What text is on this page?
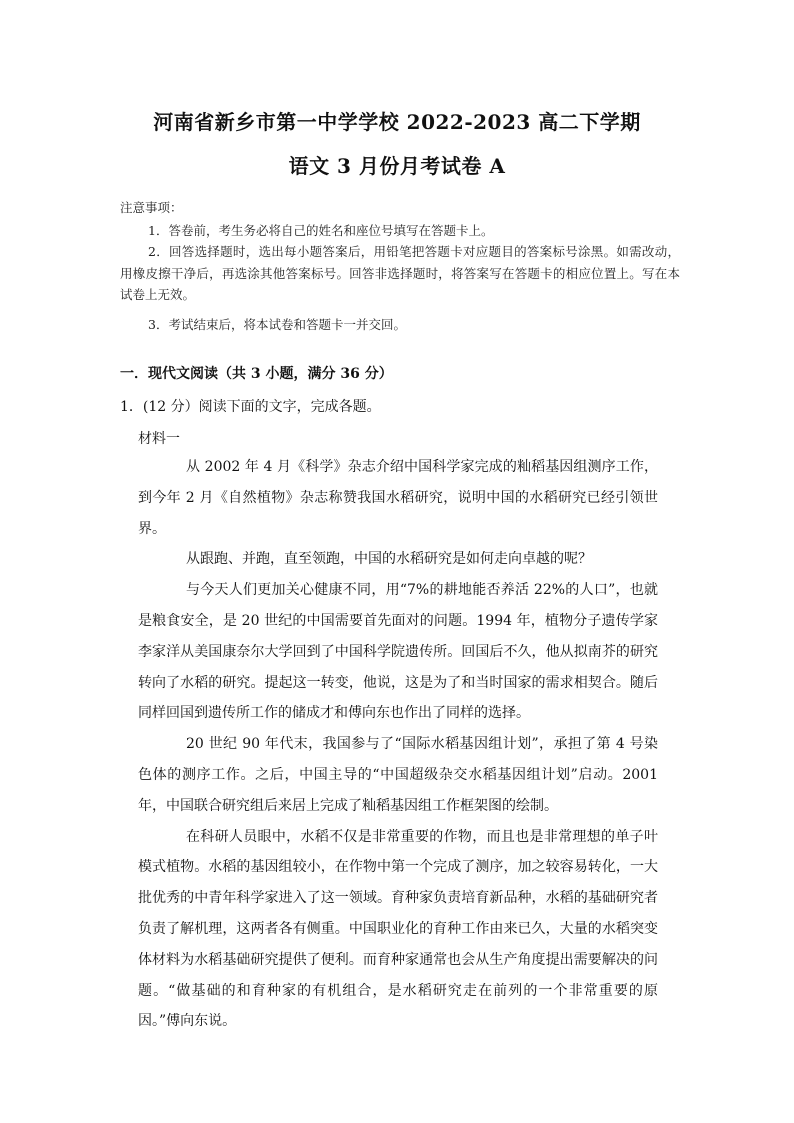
河南省新乡市第一中学学校 2022-2023 高二下学期
语文 3 月份月考试卷 A

注意事项：

1．答卷前，考生务必将自己的姓名和座位号填写在答题卡上。

2．回答选择题时，选出每小题答案后，用铅笔把答题卡对应题目的答案标号涂黑。如需改动，用橡皮擦干净后，再选涂其他答案标号。回答非选择题时，将答案写在答题卡的相应位置上。写在本试卷上无效。

3．考试结束后，将本试卷和答题卡一并交回。

一．现代文阅读（共 3 小题，满分 36 分）
1．(12 分）阅读下面的文字，完成各题。
材料一

从 2002 年 4 月《科学》杂志介绍中国科学家完成的籼稻基因组测序工作，到今年 2 月《自然植物》杂志称赞我国水稻研究，说明中国的水稻研究已经引领世界。

从跟跑、并跑，直至领跑，中国的水稻研究是如何走向卓越的呢？

与今天人们更加关心健康不同，用“7%的耕地能否养活 22%的人口”，也就是粮食安全，是 20 世纪的中国需要首先面对的问题。1994 年，植物分子遗传学家李家洋从美国康奈尔大学回到了中国科学院遗传所。回国后不久，他从拟南芥的研究转向了水稻的研究。提起这一转变，他说，这是为了和当时国家的需求相契合。随后同样回国到遗传所工作的储成才和傅向东也作出了同样的选择。

20 世纪 90 年代末，我国参与了“国际水稻基因组计划”，承担了第 4 号染色体的测序工作。之后，中国主导的“中国超级杂交水稻基因组计划”启动。2001 年，中国联合研究组后来居上完成了籼稻基因组工作框架图的绘制。

在科研人员眼中，水稻不仅是非常重要的作物，而且也是非常理想的单子叶模式植物。水稻的基因组较小，在作物中第一个完成了测序，加之较容易转化，一大批优秀的中青年科学家进入了这一领域。育种家负责培育新品种，水稻的基础研究者负责了解机理，这两者各有侧重。中国职业化的育种工作由来已久，大量的水稻突变体材料为水稻基础研究提供了便利。而育种家通常也会从生产角度提出需要解决的问题。“做基础的和育种家的有机组合，是水稻研究走在前列的一个非常重要的原因。”傅向东说。
